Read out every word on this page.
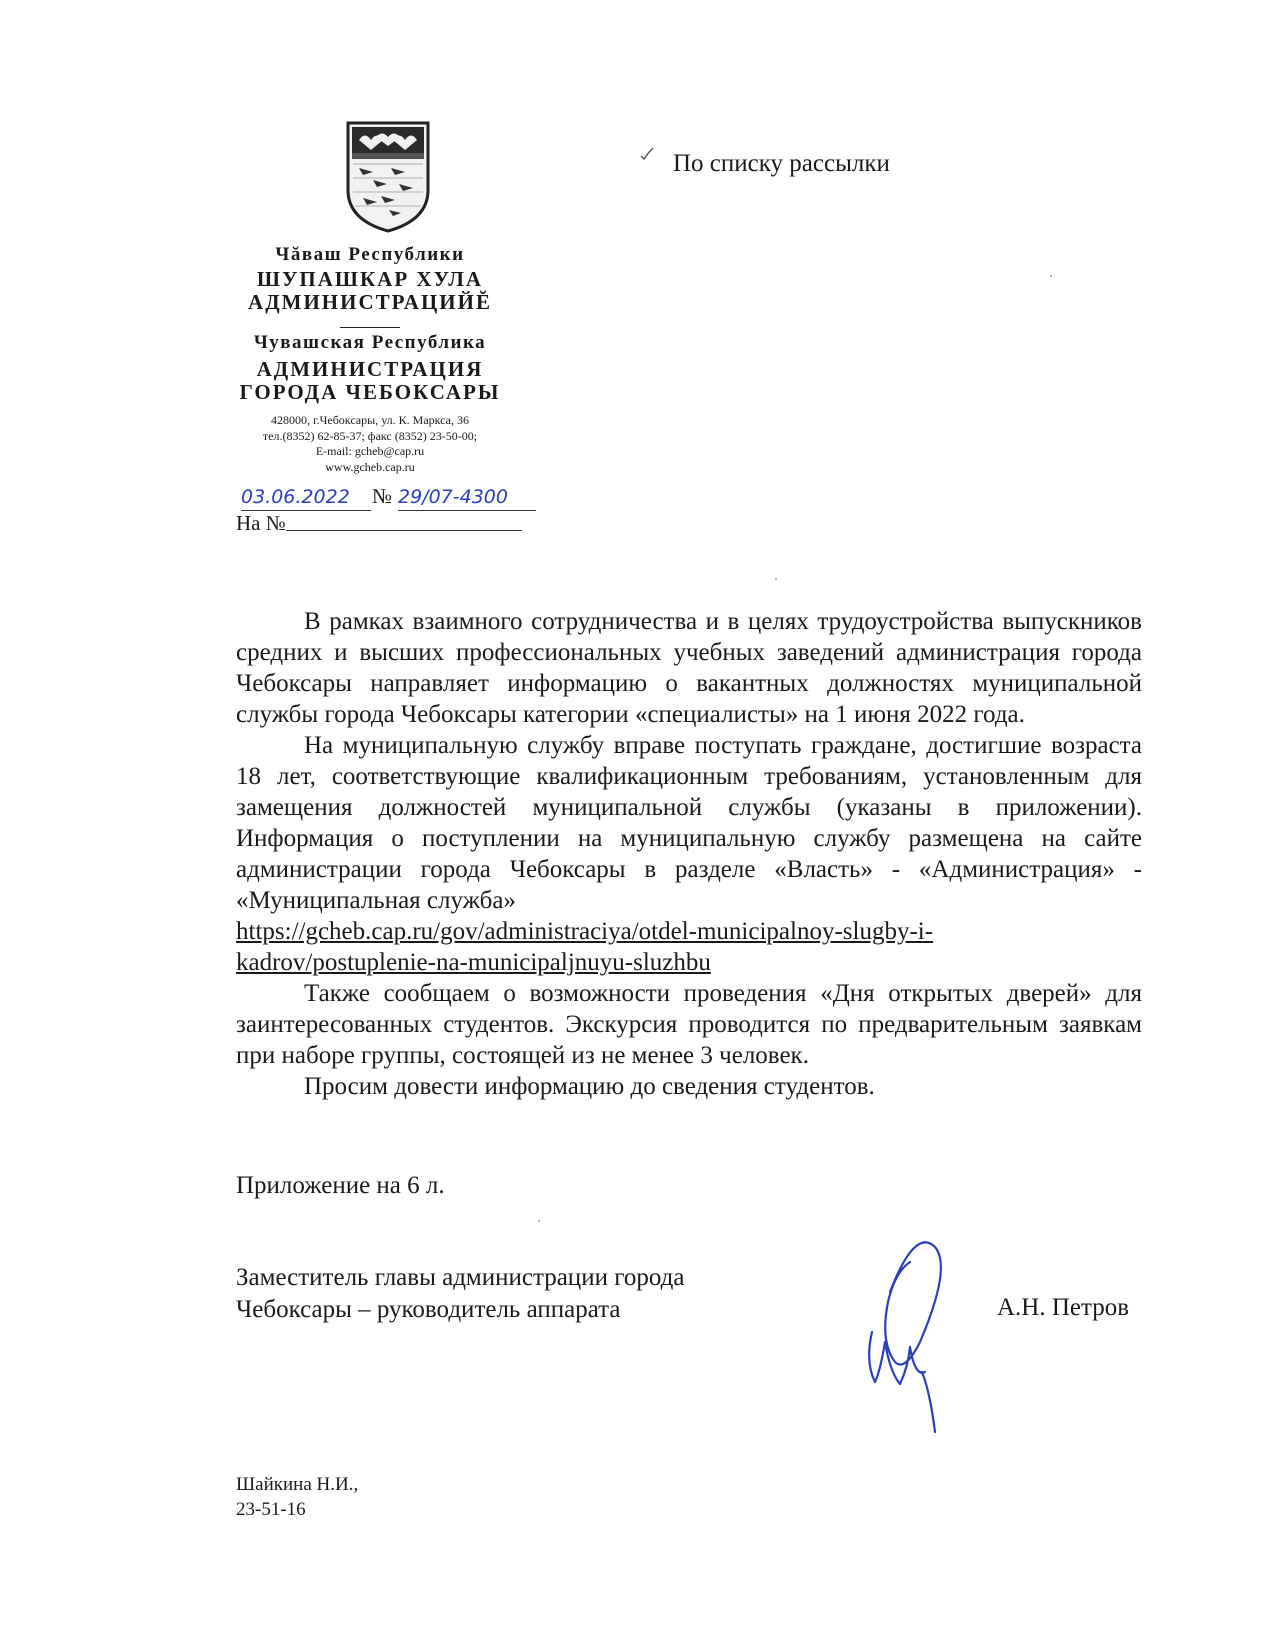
Чăваш Республики
ШУПАШКАР ХУЛА
АДМИНИСТРАЦИЙĔ
Чувашская Республика
АДМИНИСТРАЦИЯ
ГОРОДА ЧЕБОКСАРЫ
428000, г.Чебоксары, ул. К. Маркса, 36
тел.(8352) 62-85-37; факс (8352) 23-50-00;
E-mail: gcheb@cap.ru
www.gcheb.cap.ru
03.06.2022	№ 29/07-4300
На №
По списку рассылки

В рамках взаимного сотрудничества и в целях трудоустройства выпускников средних и высших профессиональных учебных заведений администрация города Чебоксары направляет информацию о вакантных должностях муниципальной службы города Чебоксары категории «специалисты» на 1 июня 2022 года.

На муниципальную службу вправе поступать граждане, достигшие возраста 18 лет, соответствующие квалификационным требованиям, установленным для замещения должностей муниципальной службы (указаны в приложении). Информация о поступлении на муниципальную службу размещена на сайте администрации города Чебоксары в разделе «Власть» - «Администрация» - «Муниципальная служба»

https://gcheb.cap.ru/gov/administraciya/otdel-municipalnoy-slugby-i-
kadrov/postuplenie-na-municipaljnuyu-sluzhbu

Также сообщаем о возможности проведения «Дня открытых дверей» для заинтересованных студентов. Экскурсия проводится по предварительным заявкам при наборе группы, состоящей из не менее 3 человек.

Просим довести информацию до сведения студентов.

Приложение на 6 л.
Заместитель главы администрации города
Чебоксары – руководитель аппарата	А.Н. Петров
Шайкина Н.И.,
23-51-16
